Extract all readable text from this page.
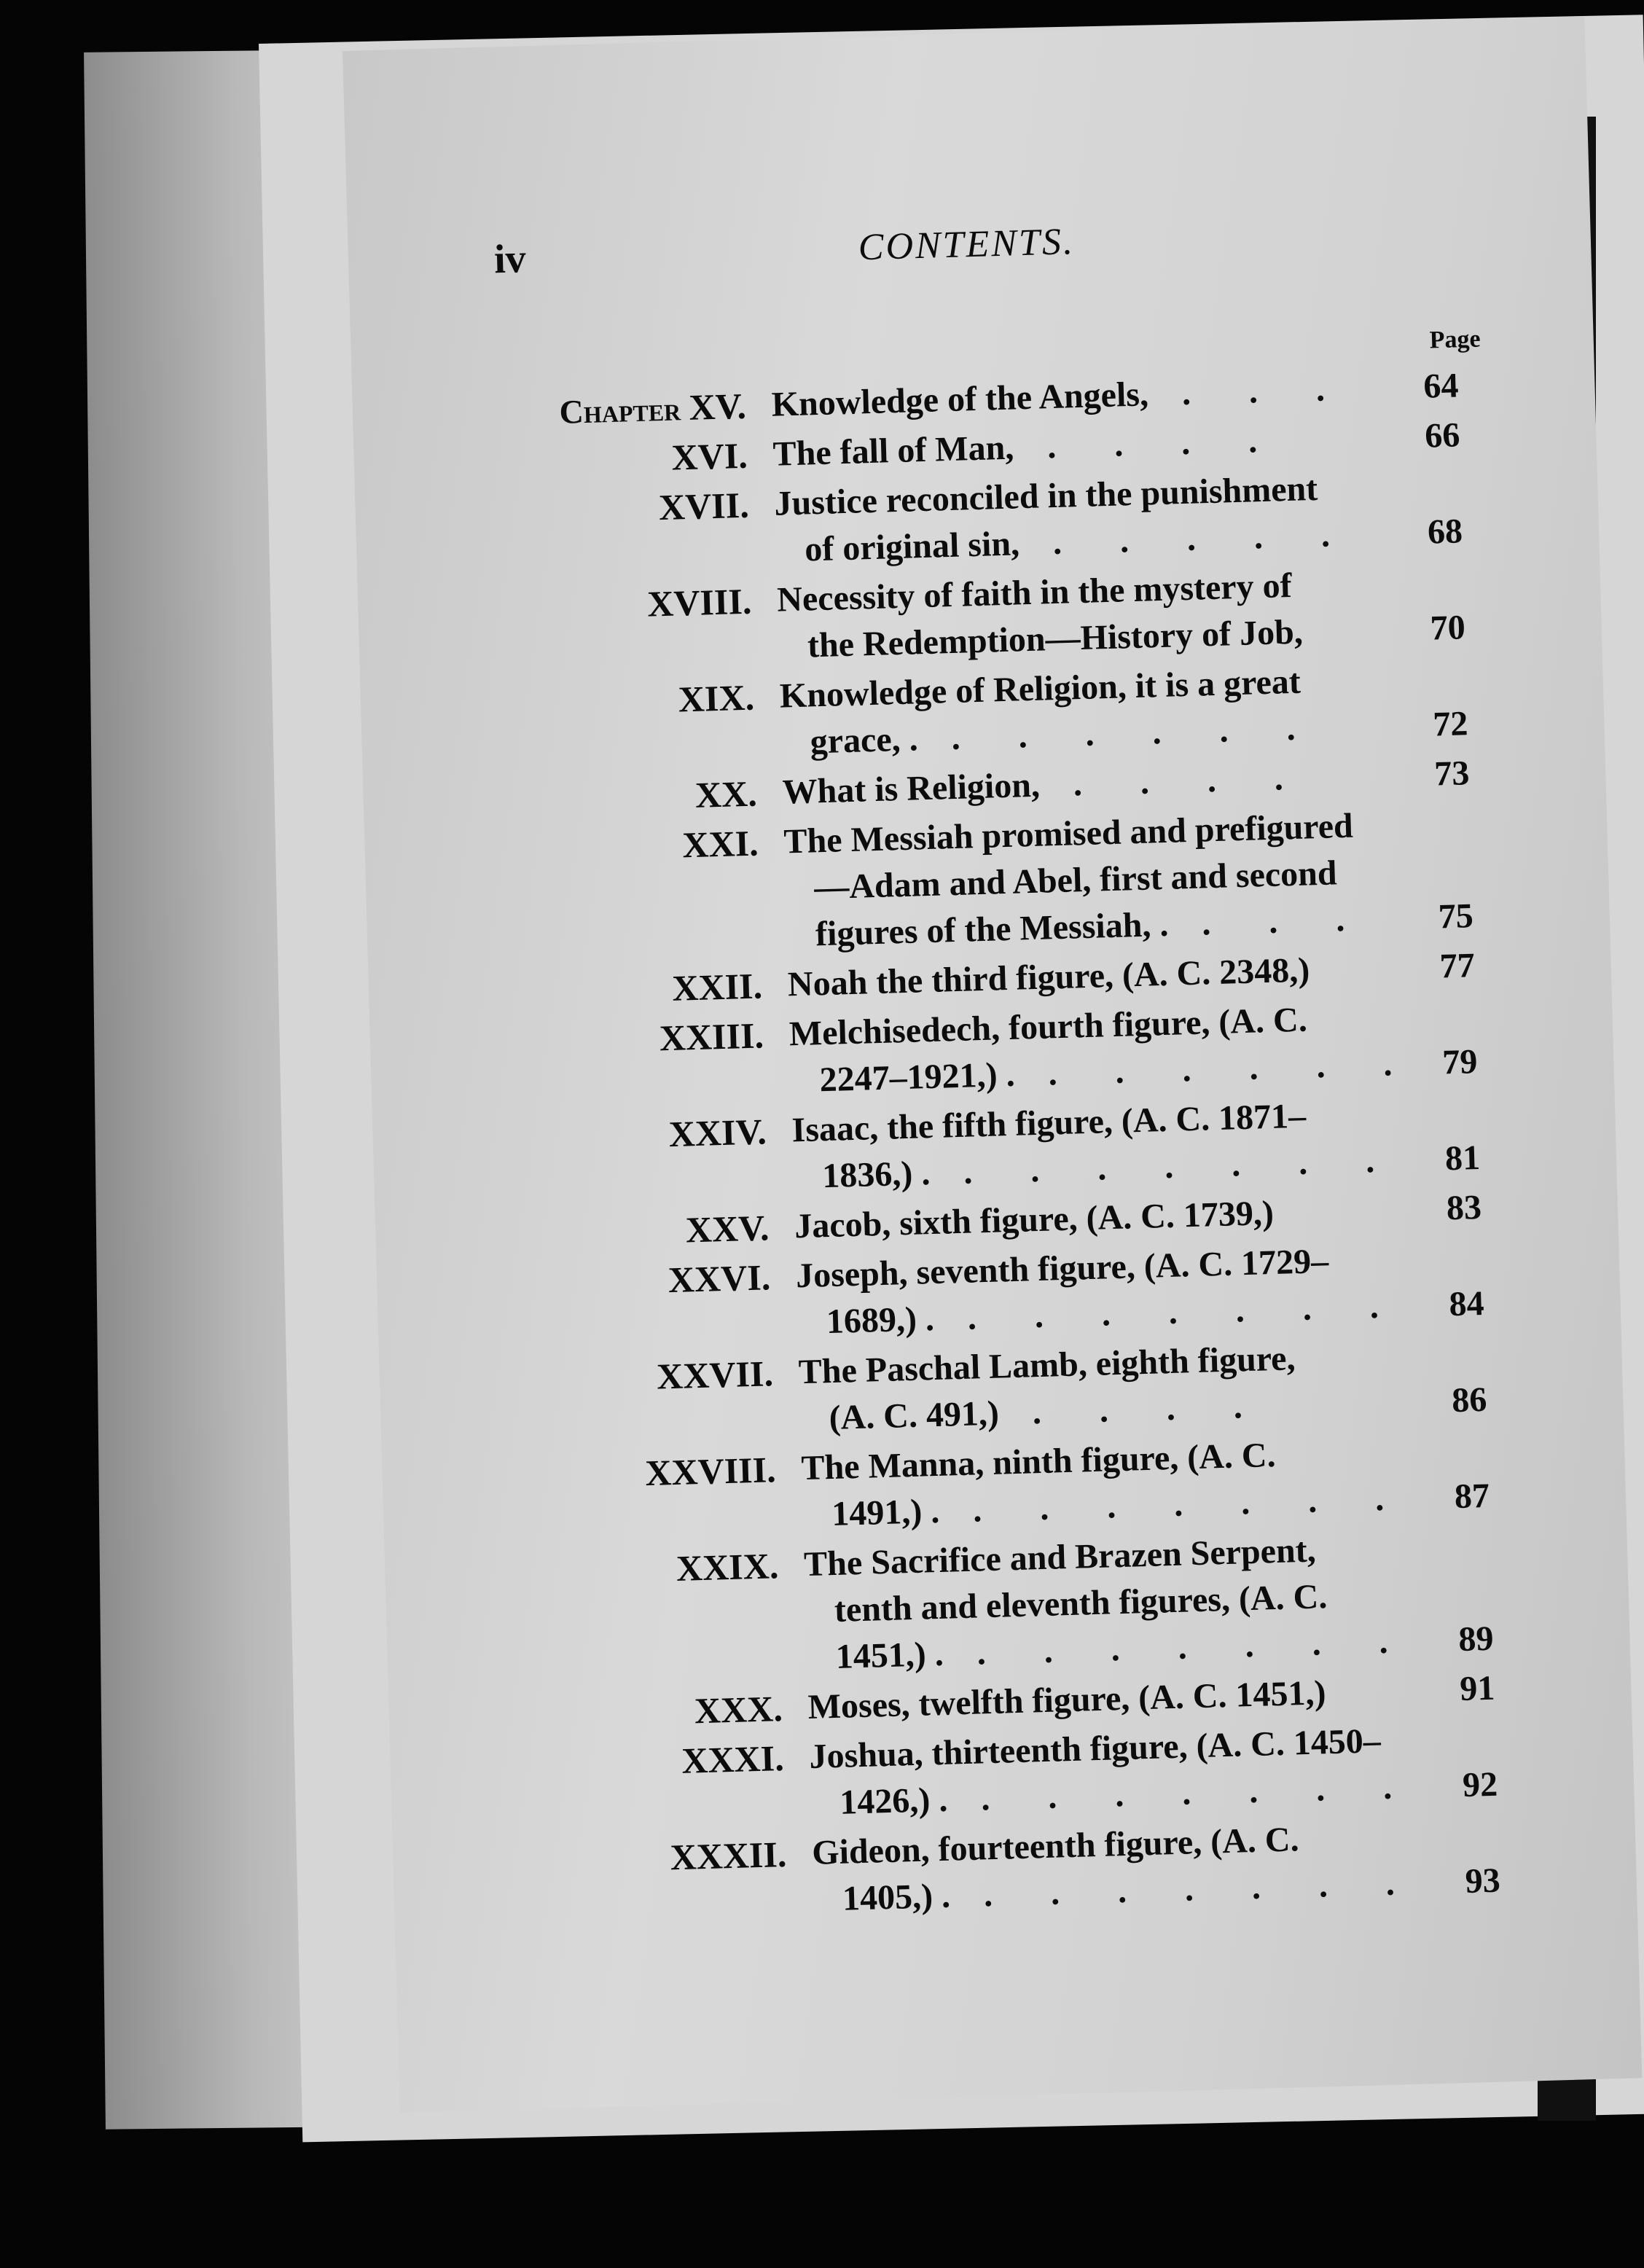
iv	CONTENTS.
Page
Chapter XV. Knowledge of the Angels, . . .	64
XVI. The fall of Man, . . . .	66
XVII. Justice reconciled in the punishment

of original sin, . . . . .	68
XVIII. Necessity of faith in the mystery of

the Redemption—History of Job,	70
XIX. Knowledge of Religion, it is a great

grace, . . . . . . .	72
XX. What is Religion, . . . .	73
XXI. The Messiah promised and prefigured

—Adam and Abel, first and second
figures of the Messiah, . . . .	75
XXII. Noah the third figure, (A. C. 2348,)	77
XXIII. Melchisedech, fourth figure, (A. C.

2247–1921,) . . . . . . . 79
XXIV. Isaac, the fifth figure, (A. C. 1871–

1836,) . . . . . . . .	81
XXV. Jacob, sixth figure, (A. C. 1739,)	83
XXVI. Joseph, seventh figure, (A. C. 1729–

1689,) . . . . . . . .	84
XXVII. The Paschal Lamb, eighth figure,

(A. C. 491,) . . . .	86
XXVIII. The Manna, ninth figure, (A. C.

1491,) . . . . . . . .	87
XXIX. The Sacrifice and Brazen Serpent,

tenth and eleventh figures, (A. C.
1451,) . . . . . . . .	89
XXX. Moses, twelfth figure, (A. C. 1451,)	91
XXXI. Joshua, thirteenth figure, (A. C. 1450–

1426,) . . . . . . . .	92
XXXII. Gideon, fourteenth figure, (A. C.

1405,) . . . . . . . .	93
